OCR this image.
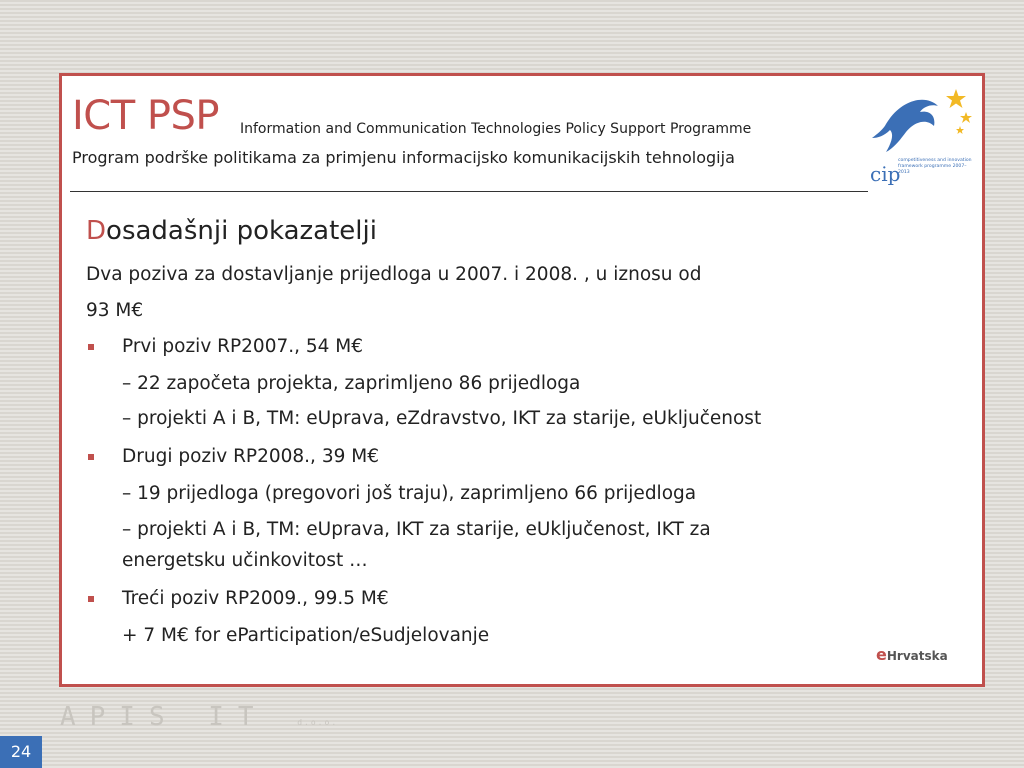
ICT PSP Information and Communication Technologies Policy Support Programme
Program podrške politikama za primjenu informacijsko komunikacijskih tehnologija
cip
competitiveness and innovation framework programme 2007–2013
Dosadašnji pokazatelji
Dva poziva za dostavljanje prijedloga u 2007. i 2008. , u iznosu od
93 M€
Prvi poziv RP2007., 54 M€
– 22 započeta projekta, zaprimljeno 86 prijedloga
– projekti A i B, TM: eUprava, eZdravstvo, IKT za starije, eUključenost
Drugi poziv RP2008., 39 M€
– 19 prijedloga (pregovori još traju), zaprimljeno 66 prijedloga
– projekti A i B, TM: eUprava, IKT za starije, eUključenost, IKT za
energetsku učinkovitost …
Treći poziv RP2009., 99.5 M€
+ 7 M€ for eParticipation/eSudjelovanje
eHrvatska
APIS IT	d.o.o.
24
